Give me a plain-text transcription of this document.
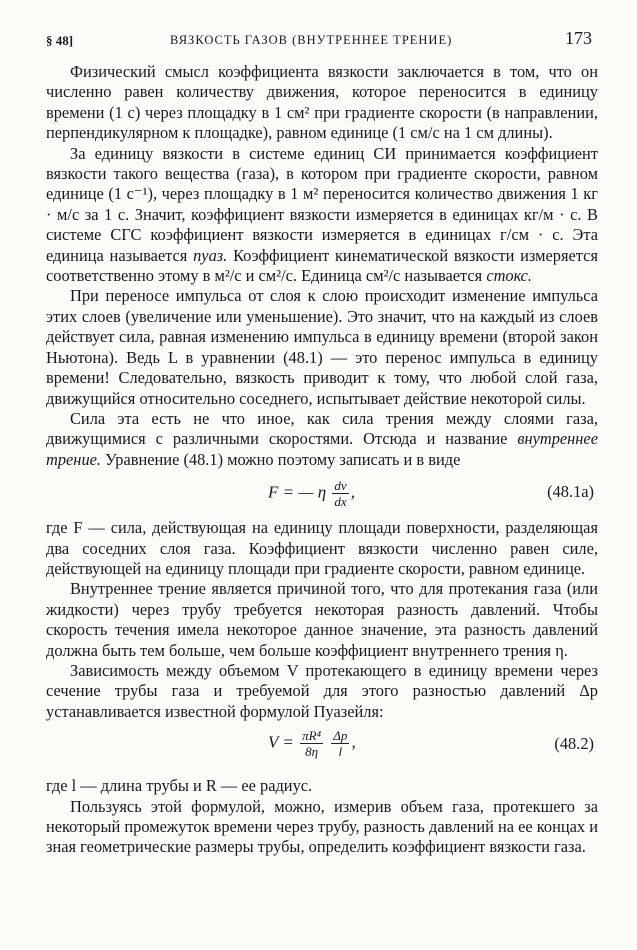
§ 48]	ВЯЗКОСТЬ ГАЗОВ (ВНУТРЕННЕЕ ТРЕНИЕ)	173

Физический смысл коэффициента вязкости заключается в том, что он численно равен количеству движения, которое переносится в единицу времени (1 с) через площадку в 1 см² при градиенте скорости (в направлении, перпендикулярном к площадке), равном единице (1 см/с на 1 см длины).

За единицу вязкости в системе единиц СИ принимается коэффициент вязкости такого вещества (газа), в котором при градиенте скорости, равном единице (1 с⁻¹), через площадку в 1 м² переносится количество движения 1 кг · м/с за 1 с. Значит, коэффициент вязкости измеряется в единицах кг/м · с. В системе СГС коэффициент вязкости измеряется в единицах г/см · с. Эта единица называется пуаз. Коэффициент кинематической вязкости измеряется соответственно этому в м²/с и см²/с. Единица см²/с называется стокс.

При переносе импульса от слоя к слою происходит изменение импульса этих слоев (увеличение или уменьшение). Это значит, что на каждый из слоев действует сила, равная изменению импульса в единицу времени (второй закон Ньютона). Ведь L в уравнении (48.1) — это перенос импульса в единицу времени! Следовательно, вязкость приводит к тому, что любой слой газа, движущийся относительно соседнего, испытывает действие некоторой силы.

Сила эта есть не что иное, как сила трения между слоями газа, движущимися с различными скоростями. Отсюда и название внутреннее трение. Уравнение (48.1) можно поэтому записать и в виде

F = — η $\frac{dv}{dx}$ ,	(48.1a)

где F — сила, действующая на единицу площади поверхности, разделяющая два соседних слоя газа. Коэффициент вязкости численно равен силе, действующей на единицу площади при градиенте скорости, равном единице.

Внутреннее трение является причиной того, что для протекания газа (или жидкости) через трубу требуется некоторая разность давлений. Чтобы скорость течения имела некоторое данное значение, эта разность давлений должна быть тем больше, чем больше коэффициент внутреннего трения η.

Зависимость между объемом V протекающего в единицу времени через сечение трубы газа и требуемой для этого разностью давлений Δp устанавливается известной формулой Пуазейля:

$V = \frac{\text{πR⁴}}{8\eta}$
$\frac{\Delta p}{l}$ ,	(48.2)

где l — длина трубы и R — ее радиус.

Пользуясь этой формулой, можно, измерив объем газа, протекшего за некоторый промежуток времени через трубу, разность давлений на ее концах и зная геометрические размеры трубы, определить коэффициент вязкости газа.
